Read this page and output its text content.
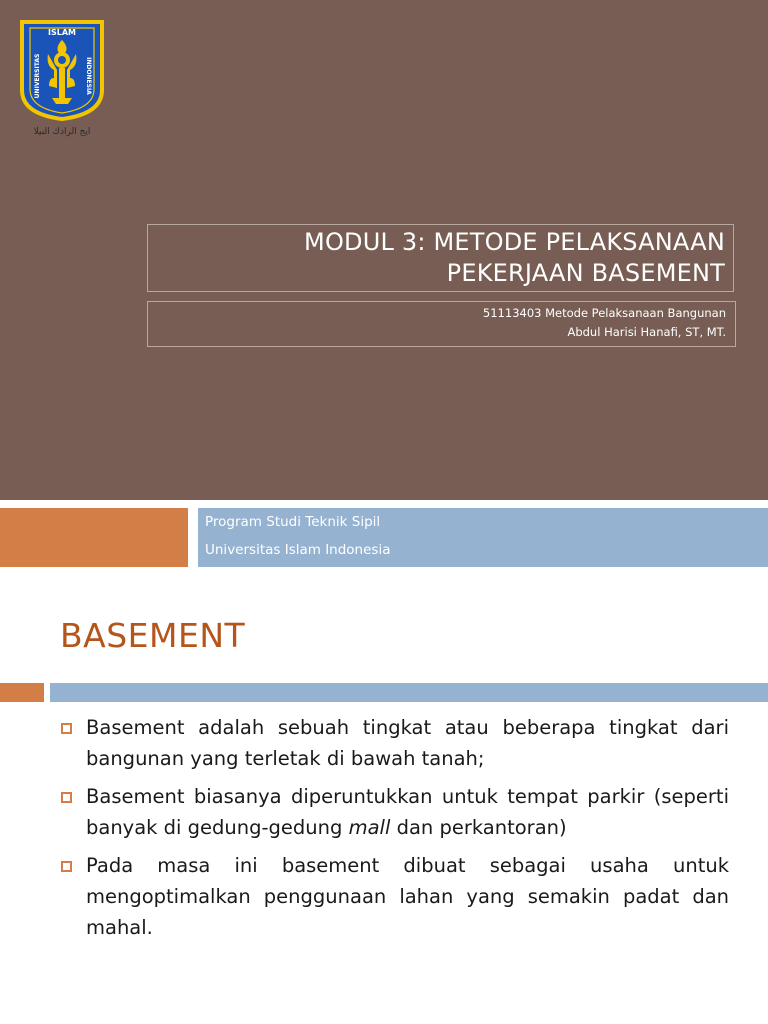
ISLAM
UNIVERSITAS	INDONESIA
ايج الرادك النيلا
MODUL 3: METODE PELAKSANAAN
PEKERJAAN BASEMENT
51113403 Metode Pelaksanaan Bangunan
Abdul Harisi Hanafi, ST, MT.
Program Studi Teknik Sipil
Universitas Islam Indonesia
BASEMENT
Basement adalah sebuah tingkat atau beberapa tingkat dari bangunan yang terletak di bawah tanah;
Basement biasanya diperuntukkan untuk tempat parkir (seperti banyak di gedung-gedung mall dan perkantoran)
Pada masa ini basement dibuat sebagai usaha untuk mengoptimalkan penggunaan lahan yang semakin padat dan mahal.
